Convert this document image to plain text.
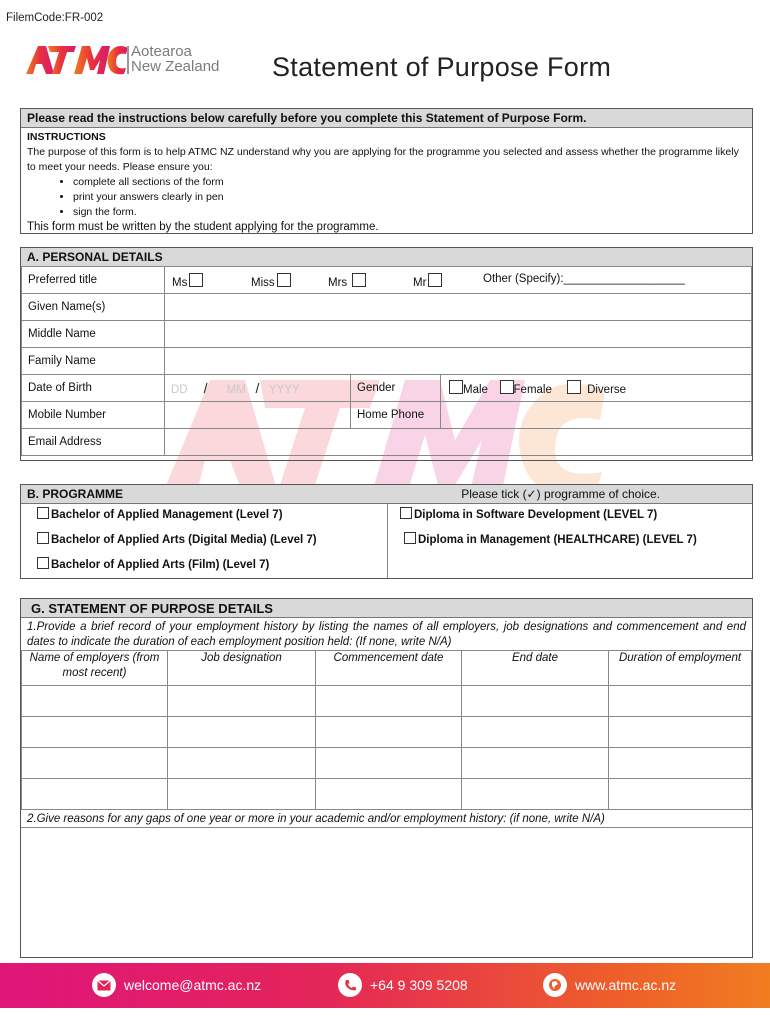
FilemCode:FR-002
Aotearoa
New Zealand Statement of Purpose Form
Please read the instructions below carefully before you complete this Statement of Purpose Form.
INSTRUCTIONS
The purpose of this form is to help ATMC NZ understand why you are applying for the programme you selected and assess whether the programme likely to meet your needs. Please ensure you:
• complete all sections of the form
• print your answers clearly in pen
• sign the form.
This form must be written by the student applying for the programme.
A. PERSONAL DETAILS
Preferred title	Ms Miss Mrs Mr Other (Specify):___________________		

Given Name(s)			
Middle Name			
Family Name			
Date of Birth	DD / MM / YYYY	Gender	Male Female Diverse
Mobile Number		Home Phone	
Email Address			
B. PROGRAMME	Please tick (✓) programme of choice.
Bachelor of Applied Management (Level 7)
Bachelor of Applied Arts (Digital Media) (Level 7)
Bachelor of Applied Arts (Film) (Level 7)
Diploma in Software Development (LEVEL 7)
Diploma in Management (HEALTHCARE) (LEVEL 7)
G. STATEMENT OF PURPOSE DETAILS
1.Provide a brief record of your employment history by listing the names of all employers, job designations and commencement and end dates to indicate the duration of each employment position held: (If none, write N/A)
Name of employers (from most recent)	Job designation	Commencement date	End date	Duration of employment

2.Give reasons for any gaps of one year or more in your academic and/or employment history: (if none, write N/A)
welcome@atmc.ac.nz	+64 9 309 5208	www.atmc.ac.nz
